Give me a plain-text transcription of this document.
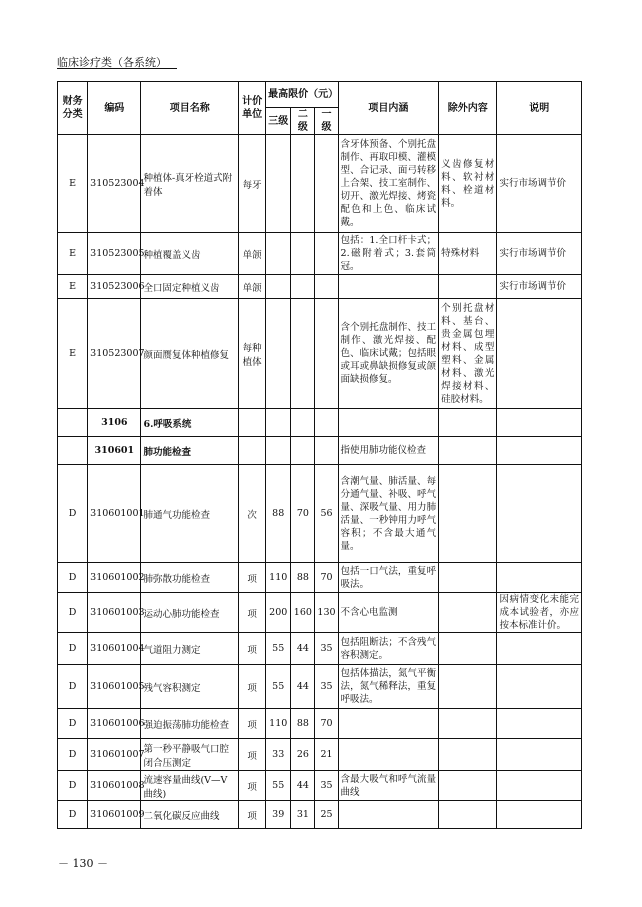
临床诊疗类（各系统）
财务分类	编码	项目名称	计价单位	最高限价（元）			项目内涵	除外内容	说明
				三级	二级	一级			
E	310523004	种植体-真牙栓道式附着体	每牙				含牙体预备、个别托盘制作、再取印模、灌模型、合记录、面弓转移上合架、技工室制作、切开、激光焊接、烤瓷配色和上色、临床试戴。	义齿修复材料、软衬材料、栓道材料。	实行市场调节价
E	310523005	种植覆盖义齿	单颌				包括：1.全口杆卡式；2.磁附着式；3.套筒冠。	特殊材料	实行市场调节价
E	310523006	全口固定种植义齿	单颌						实行市场调节价
E	310523007	颜面赝复体种植修复	每种植体				含个别托盘制作、技工制作、激光焊接、配色、临床试戴；包括眼或耳或鼻缺损修复或颌面缺损修复。	个别托盘材料、基台、贵金属包埋材料、成型塑料、金属材料、激光焊接材料、硅胶材料。	
	3106	6.呼吸系统							
	310601	肺功能检查					指使用肺功能仪检查		
D	310601001	肺通气功能检查	次	88	70	56	含潮气量、肺活量、每分通气量、补吸、呼气量、深吸气量、用力肺活量、一秒钟用力呼气容积；不含最大通气量。		
D	310601002	肺弥散功能检查	项	110	88	70	包括一口气法，重复呼吸法。		
D	310601003	运动心肺功能检查	项	200	160	130	不含心电监测		因病情变化未能完成本试验者，亦应按本标准计价。
D	310601004	气道阻力测定	项	55	44	35	包括阻断法；不含残气容积测定。		
D	310601005	残气容积测定	项	55	44	35	包括体描法，氮气平衡法，氮气稀释法，重复呼吸法。		
D	310601006	强迫振荡肺功能检查	项	110	88	70			
D	310601007	第一秒平静吸气口腔闭合压测定	项	33	26	21			
D	310601008	流速容量曲线(V—V曲线)	项	55	44	35	含最大吸气和呼气流量曲线		
D	310601009	二氧化碳反应曲线	项	39	31	25			
－ 130 －
